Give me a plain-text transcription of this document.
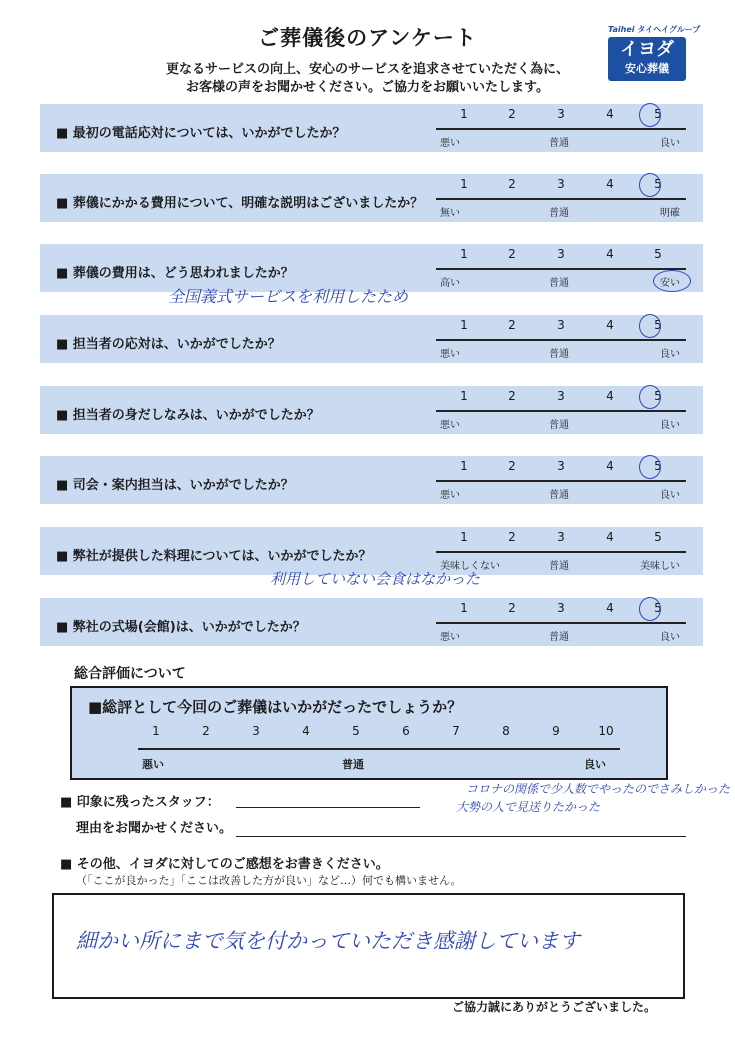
ご葬儀後のアンケート
更なるサービスの向上、安心のサービスを追求させていただく為に、
お客様の声をお聞かせください。ご協力をお願いいたします。
Taihei タイヘイグループ
イヨダ
安心葬儀
■ 最初の電話応対については、いかがでしたか？
1	2	3	4	5
悪い	普通	良い
■ 葬儀にかかる費用について、明確な説明はございましたか？
1	2	3	4	5
無い	普通	明確
■ 葬儀の費用は、どう思われましたか？
1	2	3	4	5
高い	普通	安い
■ 担当者の応対は、いかがでしたか？
1	2	3	4	5
悪い	普通	良い
■ 担当者の身だしなみは、いかがでしたか？
1	2	3	4	5
悪い	普通	良い
■ 司会・案内担当は、いかがでしたか？
1	2	3	4	5
悪い	普通	良い
■ 弊社が提供した料理については、いかがでしたか？
1	2	3	4	5
美味しくない	普通	美味しい
■ 弊社の式場(会館)は、いかがでしたか？
1	2	3	4	5
悪い	普通	良い
全国義式サービスを利用したため
利用していない会食はなかった
総合評価について
■総評として今回のご葬儀はいかがだったでしょうか？
1	2	3	4	5	6	7	8	9	10
悪い	普通	良い
■ 印象に残ったスタッフ：
理由をお聞かせください。
コロナの関係で少人数でやったのでさみしかった
大勢の人で見送りたかった
■ その他、イヨダに対してのご感想をお書きください。
（「ここが良かった」「ここは改善した方が良い」など…）何でも構いません。
細かい所にまで気を付かっていただき感謝しています
ご協力誠にありがとうございました。
